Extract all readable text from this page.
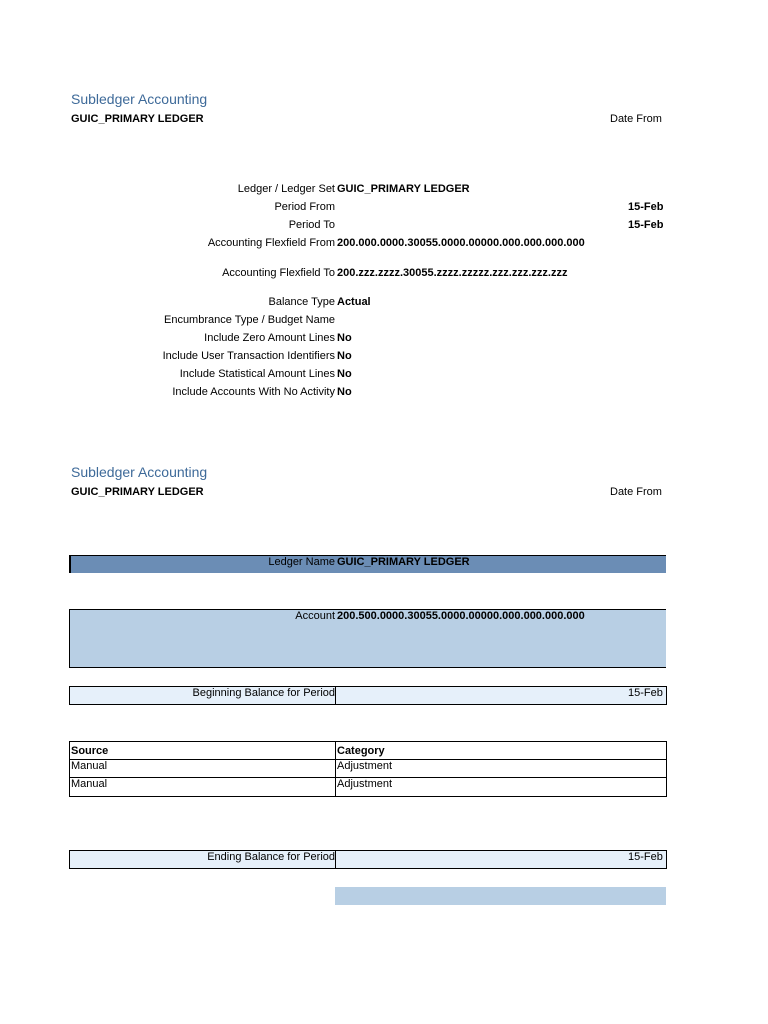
Subledger Accounting
GUIC_PRIMARY LEDGER	Date From
Ledger / Ledger Set GUIC_PRIMARY LEDGER
Period From	15-Feb
Period To	15-Feb
Accounting Flexfield From 200.000.0000.30055.0000.00000.000.000.000.000
Accounting Flexfield To 200.zzz.zzzz.30055.zzzz.zzzzz.zzz.zzz.zzz.zzz
Balance Type Actual
Encumbrance Type / Budget Name
Include Zero Amount Lines No
Include User Transaction Identifiers No
Include Statistical Amount Lines No
Include Accounts With No Activity No
Subledger Accounting
GUIC_PRIMARY LEDGER	Date From
Ledger Name GUIC_PRIMARY LEDGER
Account 200.500.0000.30055.0000.00000.000.000.000.000
Beginning Balance for Period	15-Feb
Source	Category
Manual	Adjustment
Manual	Adjustment
Ending Balance for Period	15-Feb
